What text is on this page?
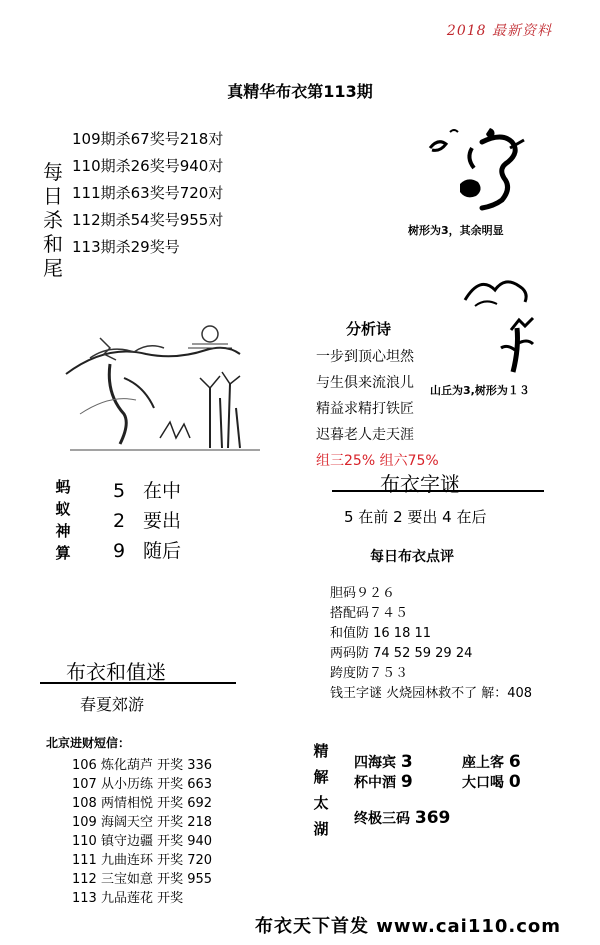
2018 最新资料
真精华布衣第113期
每
日
杀
和
尾
109期杀67奖号218对
110期杀26奖号940对
111期杀63奖号720对
112期杀54奖号955对
113期杀29奖号
树形为3，其余明显
山丘为3,树形为１３
分析诗
一步到顶心坦然
与生俱来流浪儿
精益求精打铁匠
迟暮老人走天涯
组三25% 组六75%
蚂
蚁
神
算
5 在中
2 要出
9 随后
布衣字谜
5 在前 2 要出 4 在后
每日布衣点评
胆码９２６
搭配码７４５
和值防 16 18 11
两码防 74 52 59 29 24
跨度防７５３
钱王字谜 火烧园林救不了 解：408
布衣和值迷
春夏郊游
北京进财短信：
106 炼化葫芦 开奖 336
107 从小历练 开奖 663
108 两情相悦 开奖 692
109 海阔天空 开奖 218
110 镇守边疆 开奖 940
111 九曲连环 开奖 720
112 三宝如意 开奖 955
113 九品莲花 开奖
精
解
太
湖
四海宾 3	座上客 6
杯中酒 9	大口喝 0
终极三码 369
布衣天下首发 www.cai110.com
